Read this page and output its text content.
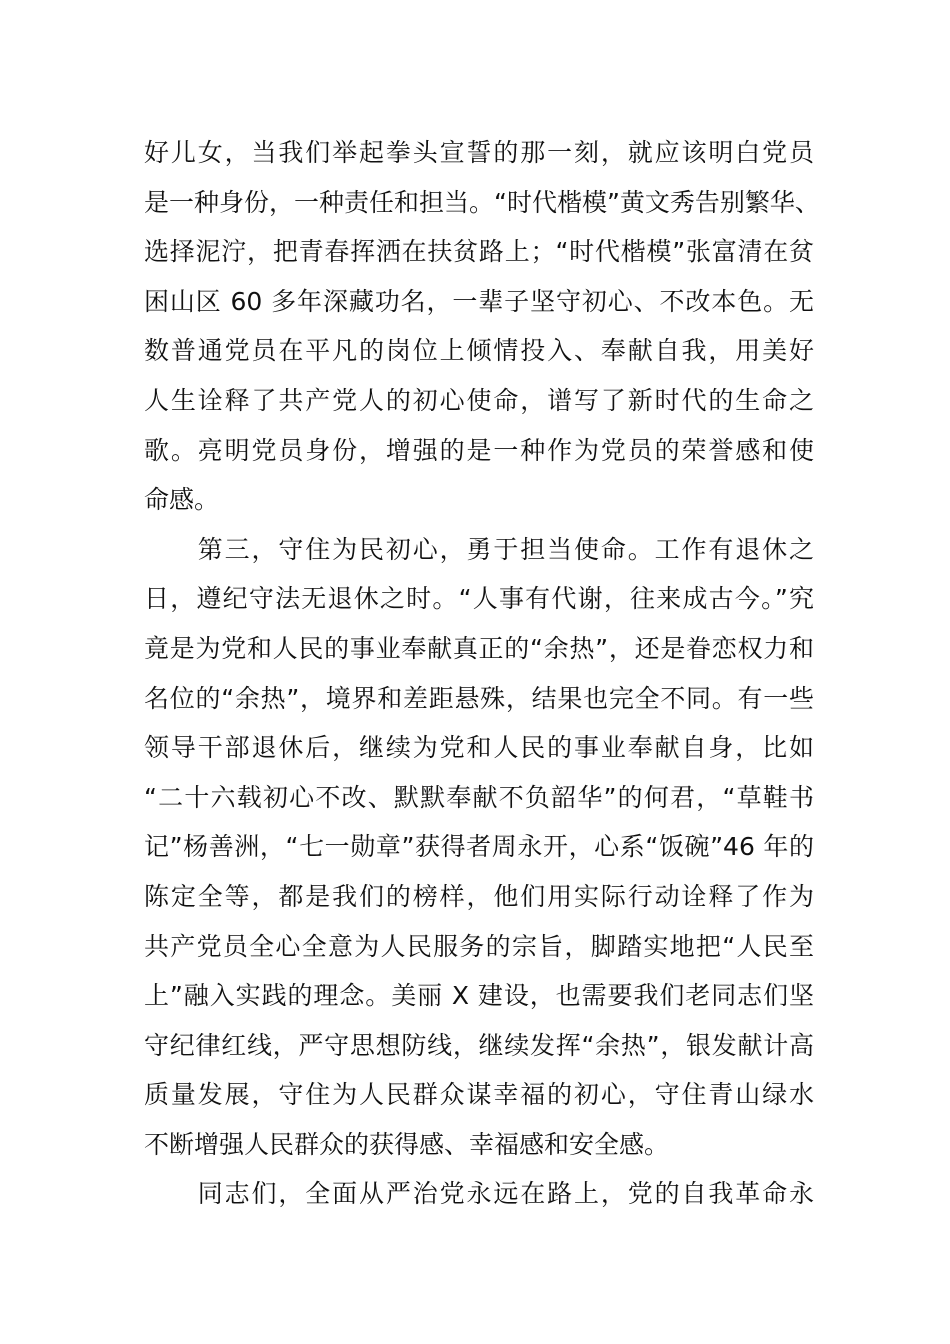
好儿女，当我们举起拳头宣誓的那一刻，就应该明白党员
是一种身份，一种责任和担当。“时代楷模”黄文秀告别繁华、
选择泥泞，把青春挥洒在扶贫路上；“时代楷模”张富清在贫
困山区 60 多年深藏功名，一辈子坚守初心、不改本色。无
数普通党员在平凡的岗位上倾情投入、奉献自我，用美好
人生诠释了共产党人的初心使命，谱写了新时代的生命之
歌。亮明党员身份，增强的是一种作为党员的荣誉感和使
命感。
　　第三，守住为民初心，勇于担当使命。工作有退休之
日，遵纪守法无退休之时。“人事有代谢，往来成古今。”究
竟是为党和人民的事业奉献真正的“余热”，还是眷恋权力和
名位的“余热”，境界和差距悬殊，结果也完全不同。有一些
领导干部退休后，继续为党和人民的事业奉献自身，比如
“二十六载初心不改、默默奉献不负韶华”的何君，“草鞋书
记”杨善洲，“七一勋章”获得者周永开，心系“饭碗”46 年的
陈定全等，都是我们的榜样，他们用实际行动诠释了作为
共产党员全心全意为人民服务的宗旨，脚踏实地把“人民至
上”融入实践的理念。美丽 X 建设，也需要我们老同志们坚
守纪律红线，严守思想防线，继续发挥“余热”，银发献计高
质量发展，守住为人民群众谋幸福的初心，守住青山绿水
不断增强人民群众的获得感、幸福感和安全感。
　　同志们，全面从严治党永远在路上，党的自我革命永
